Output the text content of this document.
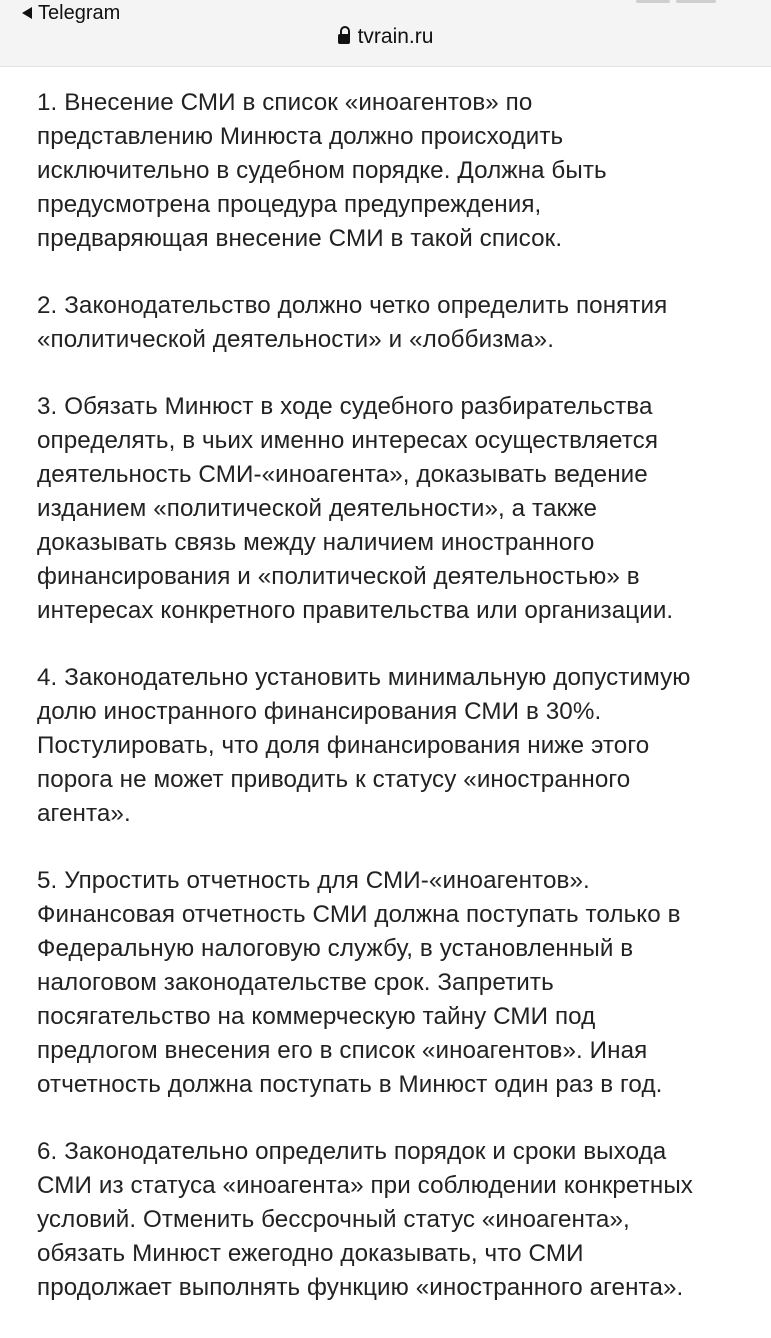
Telegram
tvrain.ru

1. Внесение СМИ в список «иноагентов» по
представлению Минюста должно происходить
исключительно в судебном порядке. Должна быть
предусмотрена процедура предупреждения,
предваряющая внесение СМИ в такой список.

2. Законодательство должно четко определить понятия
«политической деятельности» и «лоббизма».

3. Обязать Минюст в ходе судебного разбирательства
определять, в чьих именно интересах осуществляется
деятельность СМИ-«иноагента», доказывать ведение
изданием «политической деятельности», а также
доказывать связь между наличием иностранного
финансирования и «политической деятельностью» в
интересах конкретного правительства или организации.

4. Законодательно установить минимальную допустимую
долю иностранного финансирования СМИ в 30%.
Постулировать, что доля финансирования ниже этого
порога не может приводить к статусу «иностранного
агента».

5. Упростить отчетность для СМИ-«иноагентов».
Финансовая отчетность СМИ должна поступать только в
Федеральную налоговую службу, в установленный в
налоговом законодательстве срок. Запретить
посягательство на коммерческую тайну СМИ под
предлогом внесения его в список «иноагентов». Иная
отчетность должна поступать в Минюст один раз в год.

6. Законодательно определить порядок и сроки выхода
СМИ из статуса «иноагента» при соблюдении конкретных
условий. Отменить бессрочный статус «иноагента»,
обязать Минюст ежегодно доказывать, что СМИ
продолжает выполнять функцию «иностранного агента».
